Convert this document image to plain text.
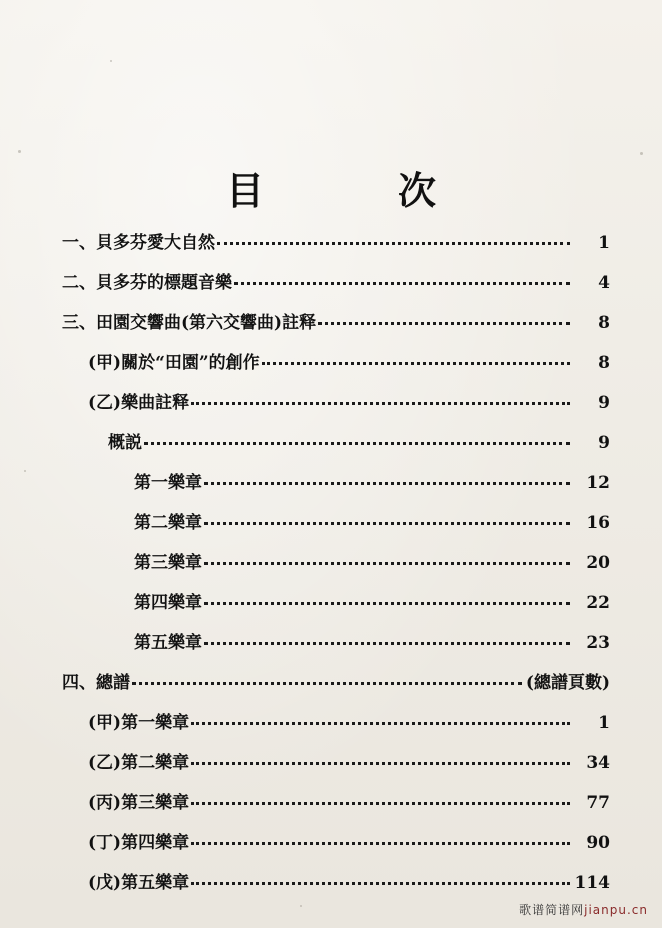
目　次
一、貝多芬愛大自然	1
二、貝多芬的標題音樂	4
三、田園交響曲(第六交響曲)註释	8
(甲)關於“田園”的創作	8
(乙)樂曲註释	9
概説	9
第一樂章	12
第二樂章	16
第三樂章	20
第四樂章	22
第五樂章	23
四、總譜	(總譜頁數)
(甲)第一樂章	1
(乙)第二樂章	34
(丙)第三樂章	77
(丁)第四樂章	90
(戊)第五樂章	114
歌谱简谱网jianpu.cn
